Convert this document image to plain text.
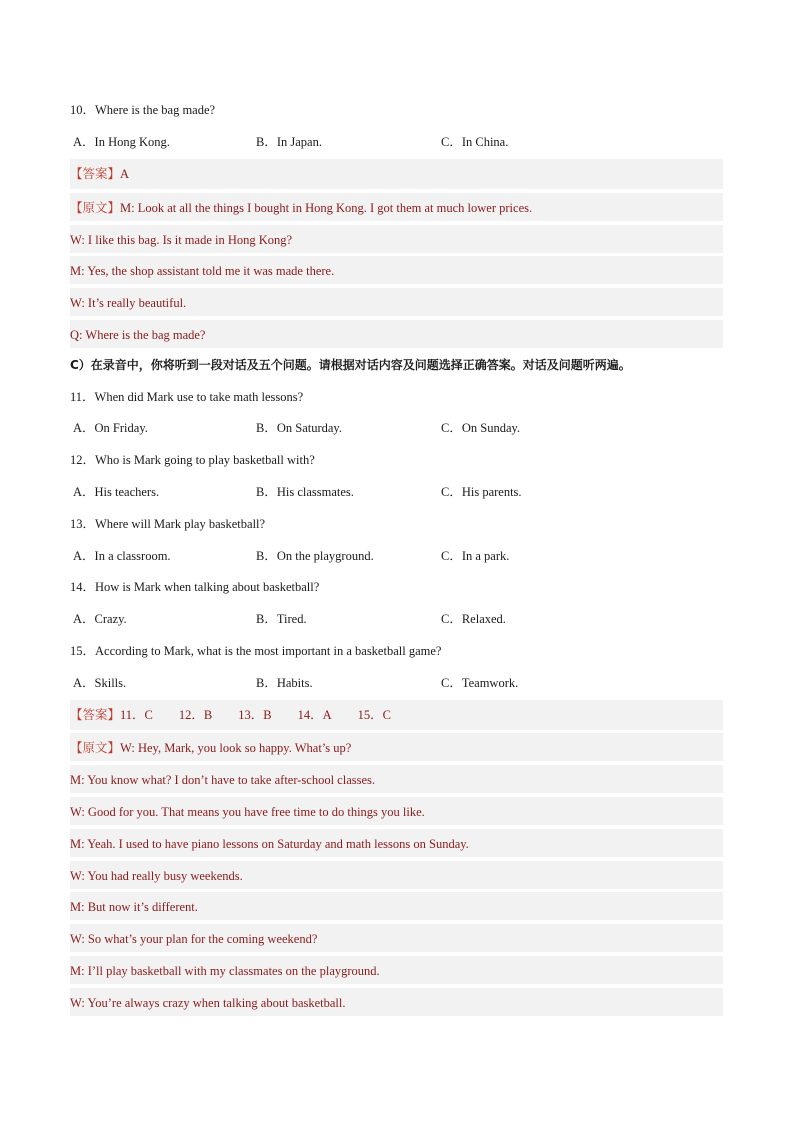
10．Where is the bag made?
A．In Hong Kong.	B．In Japan.	C．In China.
【答案】A
【原文】M: Look at all the things I bought in Hong Kong. I got them at much lower prices.
W: I like this bag. Is it made in Hong Kong?
M: Yes, the shop assistant told me it was made there.
W: It’s really beautiful.
Q: Where is the bag made?
C）在录音中，你将听到一段对话及五个问题。请根据对话内容及问题选择正确答案。对话及问题听两遍。
11．When did Mark use to take math lessons?
A．On Friday.	B．On Saturday.	C．On Sunday.
12．Who is Mark going to play basketball with?
A．His teachers.	B．His classmates.	C．His parents.
13．Where will Mark play basketball?
A．In a classroom.	B．On the playground.	C．In a park.
14．How is Mark when talking about basketball?
A．Crazy.	B．Tired.	C．Relaxed.
15．According to Mark, what is the most important in a basketball game?
A．Skills.	B．Habits.	C．Teamwork.
【答案】11．C 12．B 13．B 14．A 15．C
【原文】W: Hey, Mark, you look so happy. What’s up?
M: You know what? I don’t have to take after-school classes.
W: Good for you. That means you have free time to do things you like.
M: Yeah. I used to have piano lessons on Saturday and math lessons on Sunday.
W: You had really busy weekends.
M: But now it’s different.
W: So what’s your plan for the coming weekend?
M: I’ll play basketball with my classmates on the playground.
W: You’re always crazy when talking about basketball.
